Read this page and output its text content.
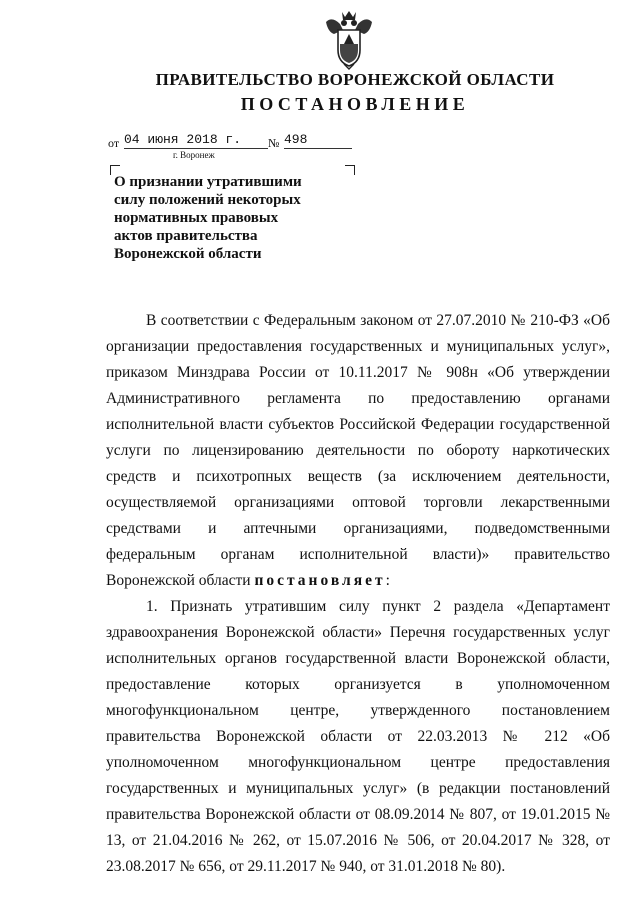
ПРАВИТЕЛЬСТВО ВОРОНЕЖСКОЙ ОБЛАСТИ
ПОСТАНОВЛЕНИЕ
от 04 июня 2018 г.	№ 498
г. Воронеж
О признании утратившими
силу положений некоторых
нормативных правовых
актов правительства
Воронежской области

В соответствии с Федеральным законом от 27.07.2010 № 210-ФЗ «Об организации предоставления государственных и муниципальных услуг», приказом Минздрава России от 10.11.2017 № 908н «Об утверждении Административного регламента по предоставлению органами исполнительной власти субъектов Российской Федерации государственной услуги по лицензированию деятельности по обороту наркотических средств и психотропных веществ (за исключением деятельности, осуществляемой организациями оптовой торговли лекарственными средствами и аптечными организациями, подведомственными федеральным органам исполнительной власти)» правительство Воронежской области постановляет:

1. Признать утратившим силу пункт 2 раздела «Департамент здравоохранения Воронежской области» Перечня государственных услуг исполнительных органов государственной власти Воронежской области, предоставление которых организуется в уполномоченном многофункциональном центре, утвержденного постановлением правительства Воронежской области от 22.03.2013 № 212 «Об уполномоченном многофункциональном центре предоставления государственных и муниципальных услуг» (в редакции постановлений правительства Воронежской области от 08.09.2014 № 807, от 19.01.2015 № 13, от 21.04.2016 № 262, от 15.07.2016 № 506, от 20.04.2017 № 328, от 23.08.2017 № 656, от 29.11.2017 № 940, от 31.01.2018 № 80).
